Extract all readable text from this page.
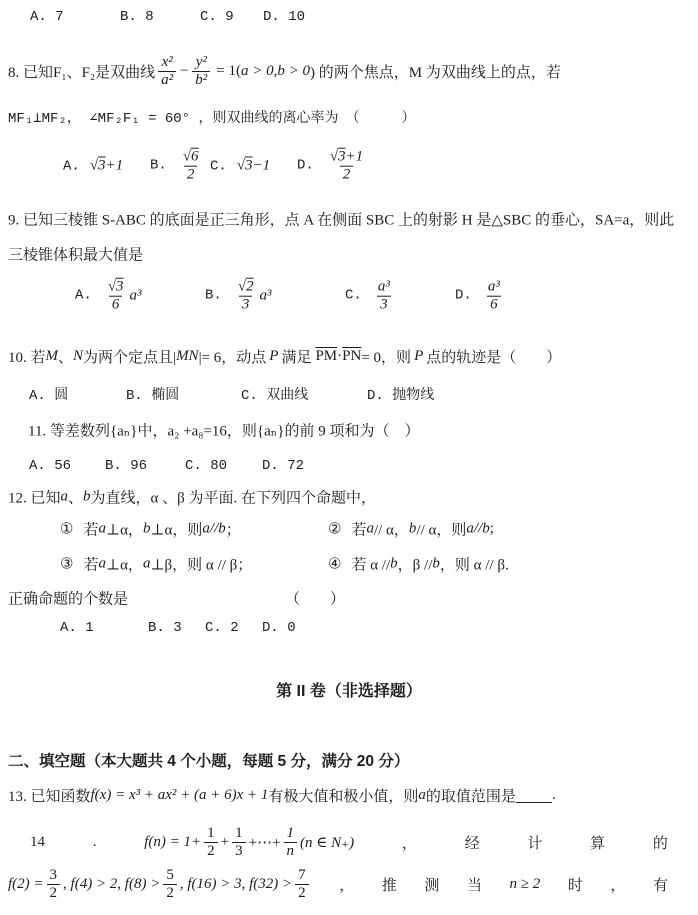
A. 7	B. 8	C. 9 D. 10
8. 已知F₁、F₂是双曲线 $\frac{\text{x²}}{\text{a²}} - \frac{\text{y²}}{\text{b²}} = 1$( a > 0,b > 0 ) 的两个焦点，M 为双曲线上的点，若
MF₁⊥MF₂， ∠MF₂F₁ = 60° ，则双曲线的离心率为　（　　　）
A. √3+1 B. $\frac{√6}{2} C$. √3−1 D. $\frac{√3+1}{2}$
9. 已知三棱锥 S-ABC 的底面是正三角形，点 A 在侧面 SBC 上的射影 H 是△SBC 的垂心，SA=a，则此
三棱锥体积最大值是
A. $\frac{√3}{6} a^3$	B. $\frac{√2}{3} a^3$	C. $\frac{\text{a³}}{3}$	D. $\frac{\text{a³}}{6}$
10. 若 M 、 N 为两个定点且| MN |= 6，动点 P 满足 $\overline{PM} \cdot \overline{PN} = 0$，则 P 点的轨迹是（　　）
A. 圆	B. 椭圆	C. 双曲线	D. 抛物线
11. 等差数列{aₙ}中，a₂ +a₈=16，则{aₙ}的前 9 项和为（　）
A. 56 B. 96	C. 80 D. 72
12. 已知 a 、 b 为直线，α 、β 为平面. 在下列四个命题中，
① 若 a ⊥α， b ⊥α，则 a // b ；	② 若 a // α， b // α，则 a // b ;
③ 若 a ⊥α， a ⊥β，则 α // β；	④ 若 α // b ，β // b ，则 α // β.
正确命题的个数是	（　　）
A. 1	B. 3 C. 2 D. 0
第 II 卷（非选择题）
二、填空题（本大题共 4 个小题，每题 5 分，满分 20 分）
13. 已知函数 f(x) = x³ + ax² + (a + 6)x + 1 有极大值和极小值，则 a 的取值范围是 .
14	.	$f(n) = 1+ \frac{1}{2} + \frac{1}{3}$ +⋯+ $\frac{1}{n} (n$ ∈ N₊)	，	经	计	算	的
$f(2) = \frac{3}{2}$ , f(4) > 2, $f(8) > \frac{5}{2}$ , f(16) > 3, $f(32) > \frac{7}{2}$ ， 推 测 当 n ≥ 2 时 ， 有
